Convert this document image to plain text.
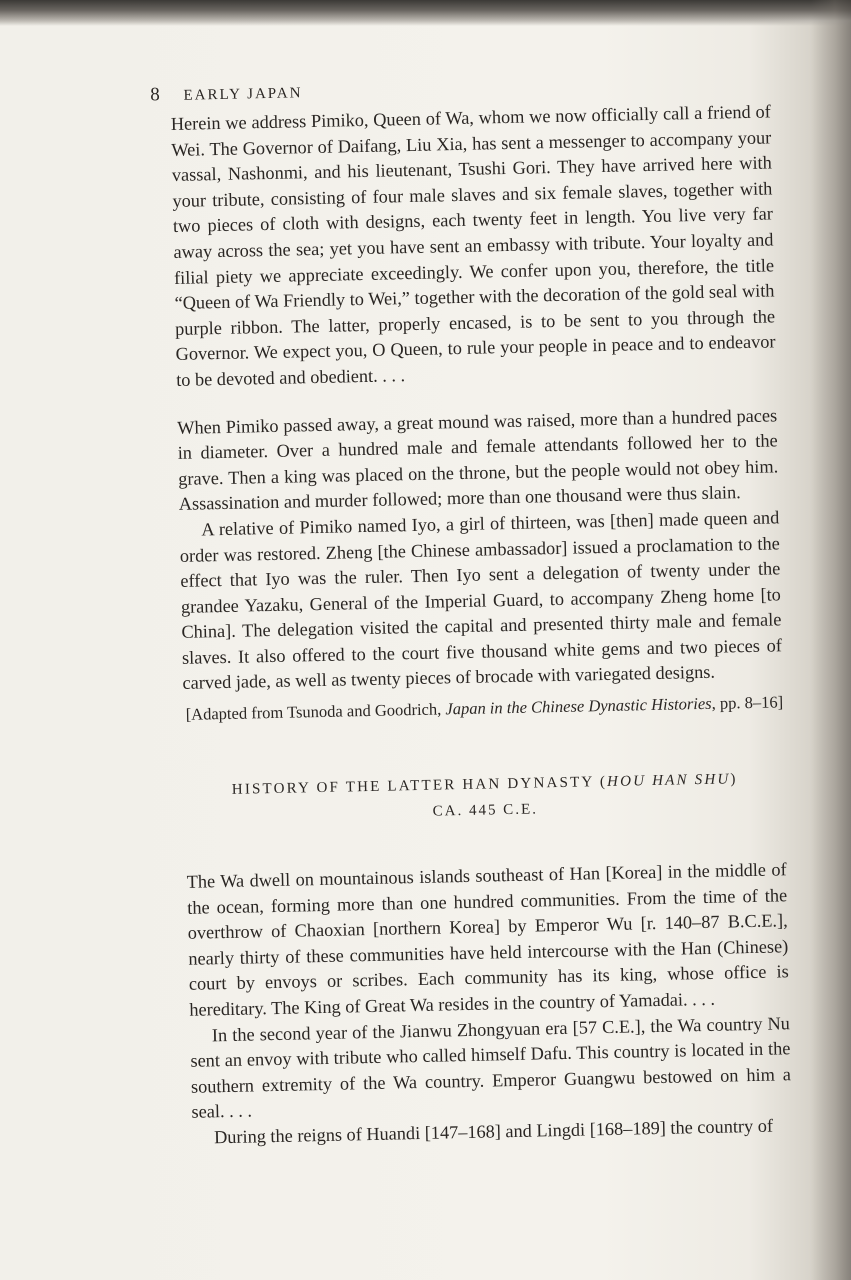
8 EARLY JAPAN

Herein we address Pimiko, Queen of Wa, whom we now officially call a friend of Wei. The Governor of Daifang, Liu Xia, has sent a messenger to accompany your vassal, Nashonmi, and his lieutenant, Tsushi Gori. They have arrived here with your tribute, consisting of four male slaves and six female slaves, together with two pieces of cloth with designs, each twenty feet in length. You live very far away across the sea; yet you have sent an embassy with tribute. Your loyalty and filial piety we appreciate exceedingly. We confer upon you, therefore, the title “Queen of Wa Friendly to Wei,” together with the decoration of the gold seal with purple ribbon. The latter, properly encased, is to be sent to you through the Governor. We expect you, O Queen, to rule your people in peace and to endeavor to be devoted and obedient. . . .

When Pimiko passed away, a great mound was raised, more than a hundred paces in diameter. Over a hundred male and female attendants followed her to the grave. Then a king was placed on the throne, but the people would not obey him. Assassination and murder followed; more than one thousand were thus slain.

A relative of Pimiko named Iyo, a girl of thirteen, was [then] made queen and order was restored. Zheng [the Chinese ambassador] issued a proclamation to the effect that Iyo was the ruler. Then Iyo sent a delegation of twenty under the grandee Yazaku, General of the Imperial Guard, to accompany Zheng home [to China]. The delegation visited the capital and presented thirty male and female slaves. It also offered to the court five thousand white gems and two pieces of carved jade, as well as twenty pieces of brocade with variegated designs.

[Adapted from Tsunoda and Goodrich, Japan in the Chinese Dynastic Histories, pp. 8–16]
HISTORY OF THE LATTER HAN DYNASTY (HOU HAN SHU)
CA. 445 C.E.

The Wa dwell on mountainous islands southeast of Han [Korea] in the middle of the ocean, forming more than one hundred communities. From the time of the overthrow of Chaoxian [northern Korea] by Emperor Wu [r. 140–87 B.C.E.], nearly thirty of these communities have held intercourse with the Han (Chinese) court by envoys or scribes. Each community has its king, whose office is hereditary. The King of Great Wa resides in the country of Yamadai. . . .

In the second year of the Jianwu Zhongyuan era [57 C.E.], the Wa country Nu sent an envoy with tribute who called himself Dafu. This country is located in the southern extremity of the Wa country. Emperor Guangwu bestowed on him a seal. . . .

During the reigns of Huandi [147–168] and Lingdi [168–189] the country of
